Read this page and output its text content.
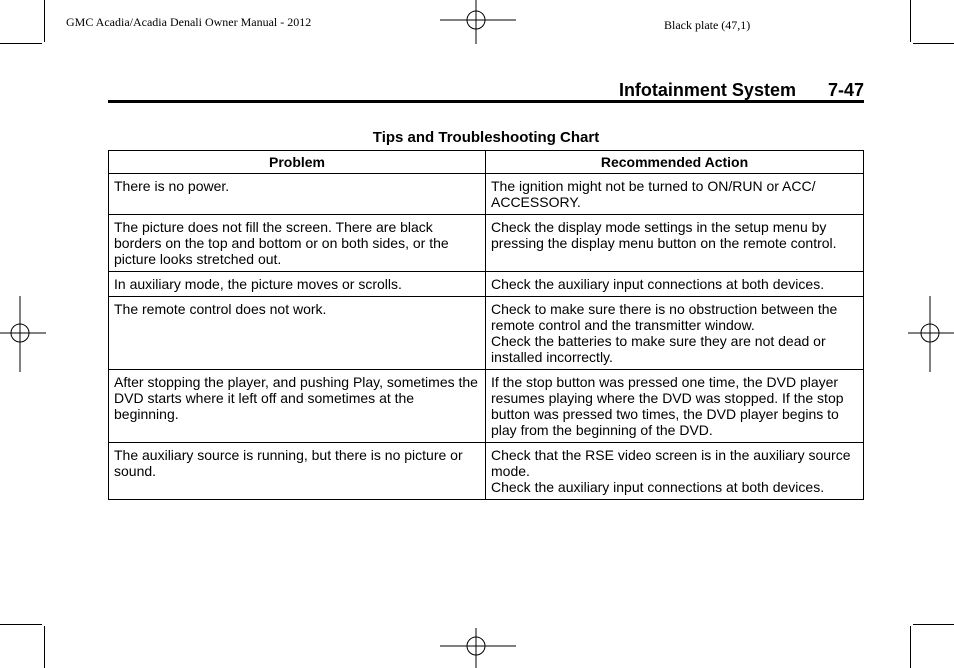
GMC Acadia/Acadia Denali Owner Manual - 2012	Black plate (47,1)
Infotainment System 7-47
Tips and Troubleshooting Chart
Problem	Recommended Action

There is no power.	The ignition might not be turned to ON/RUN or ACC/ ACCESSORY.

The picture does not fill the screen. There are black borders on the top and bottom or on both sides, or the picture looks stretched out.	Check the display mode settings in the setup menu by pressing the display menu button on the remote control.

In auxiliary mode, the picture moves or scrolls.	Check the auxiliary input connections at both devices.

The remote control does not work.	Check to make sure there is no obstruction between the remote control and the transmitter window.
Check the batteries to make sure they are not dead or installed incorrectly.

After stopping the player, and pushing Play, sometimes the DVD starts where it left off and sometimes at the beginning.	If the stop button was pressed one time, the DVD player resumes playing where the DVD was stopped. If the stop button was pressed two times, the DVD player begins to play from the beginning of the DVD.

The auxiliary source is running, but there is no picture or sound.	Check that the RSE video screen is in the auxiliary source mode.
Check the auxiliary input connections at both devices.
